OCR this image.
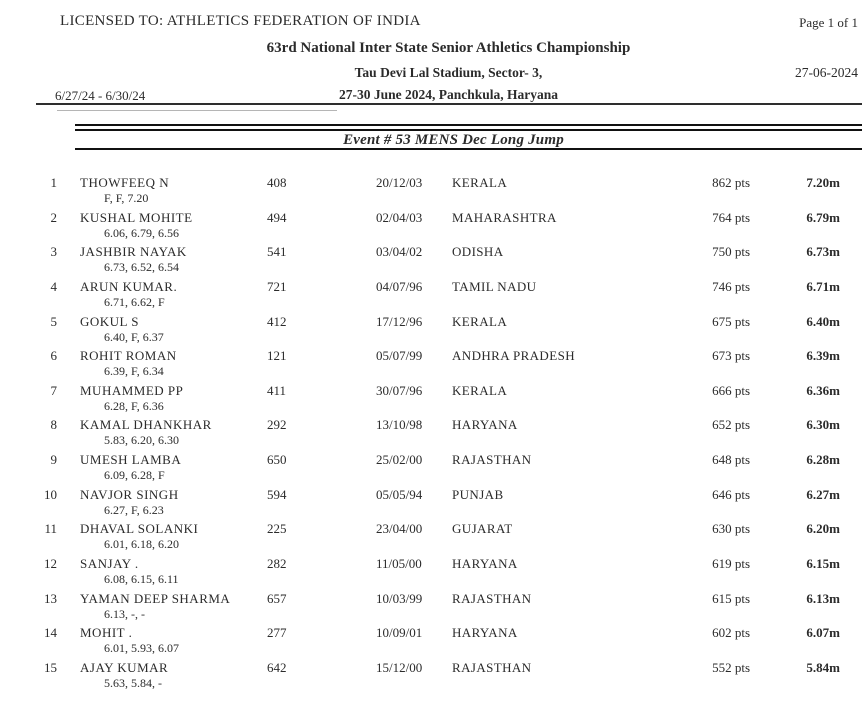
LICENSED TO: ATHLETICS FEDERATION OF INDIA	Page 1 of 1
63rd National Inter State Senior Athletics Championship
Tau Devi Lal Stadium, Sector- 3,	27-06-2024
6/27/24 - 6/30/24	27-30 June 2024, Panchkula, Haryana
Event # 53 MENS Dec Long Jump
1 THOWFEEQ N	408	20/12/03 KERALA	862 pts	7.20m
F, F, 7.20
2 KUSHAL MOHITE	494	02/04/03 MAHARASHTRA	764 pts	6.79m
6.06, 6.79, 6.56
3 JASHBIR NAYAK	541	03/04/02 ODISHA	750 pts	6.73m
6.73, 6.52, 6.54
4 ARUN KUMAR.	721	04/07/96 TAMIL NADU	746 pts	6.71m
6.71, 6.62, F
5 GOKUL S	412	17/12/96 KERALA	675 pts	6.40m
6.40, F, 6.37
6 ROHIT ROMAN	121	05/07/99 ANDHRA PRADESH	673 pts	6.39m
6.39, F, 6.34
7 MUHAMMED PP	411	30/07/96 KERALA	666 pts	6.36m
6.28, F, 6.36
8 KAMAL DHANKHAR	292	13/10/98 HARYANA	652 pts	6.30m
5.83, 6.20, 6.30
9 UMESH LAMBA	650	25/02/00 RAJASTHAN	648 pts	6.28m
6.09, 6.28, F
10 NAVJOR SINGH	594	05/05/94 PUNJAB	646 pts	6.27m
6.27, F, 6.23
11 DHAVAL SOLANKI	225	23/04/00 GUJARAT	630 pts	6.20m
6.01, 6.18, 6.20
12 SANJAY .	282	11/05/00 HARYANA	619 pts	6.15m
6.08, 6.15, 6.11
13 YAMAN DEEP SHARMA	657	10/03/99 RAJASTHAN	615 pts	6.13m
6.13, -, -
14 MOHIT .	277	10/09/01 HARYANA	602 pts	6.07m
6.01, 5.93, 6.07
15 AJAY KUMAR	642	15/12/00 RAJASTHAN	552 pts	5.84m
5.63, 5.84, -
